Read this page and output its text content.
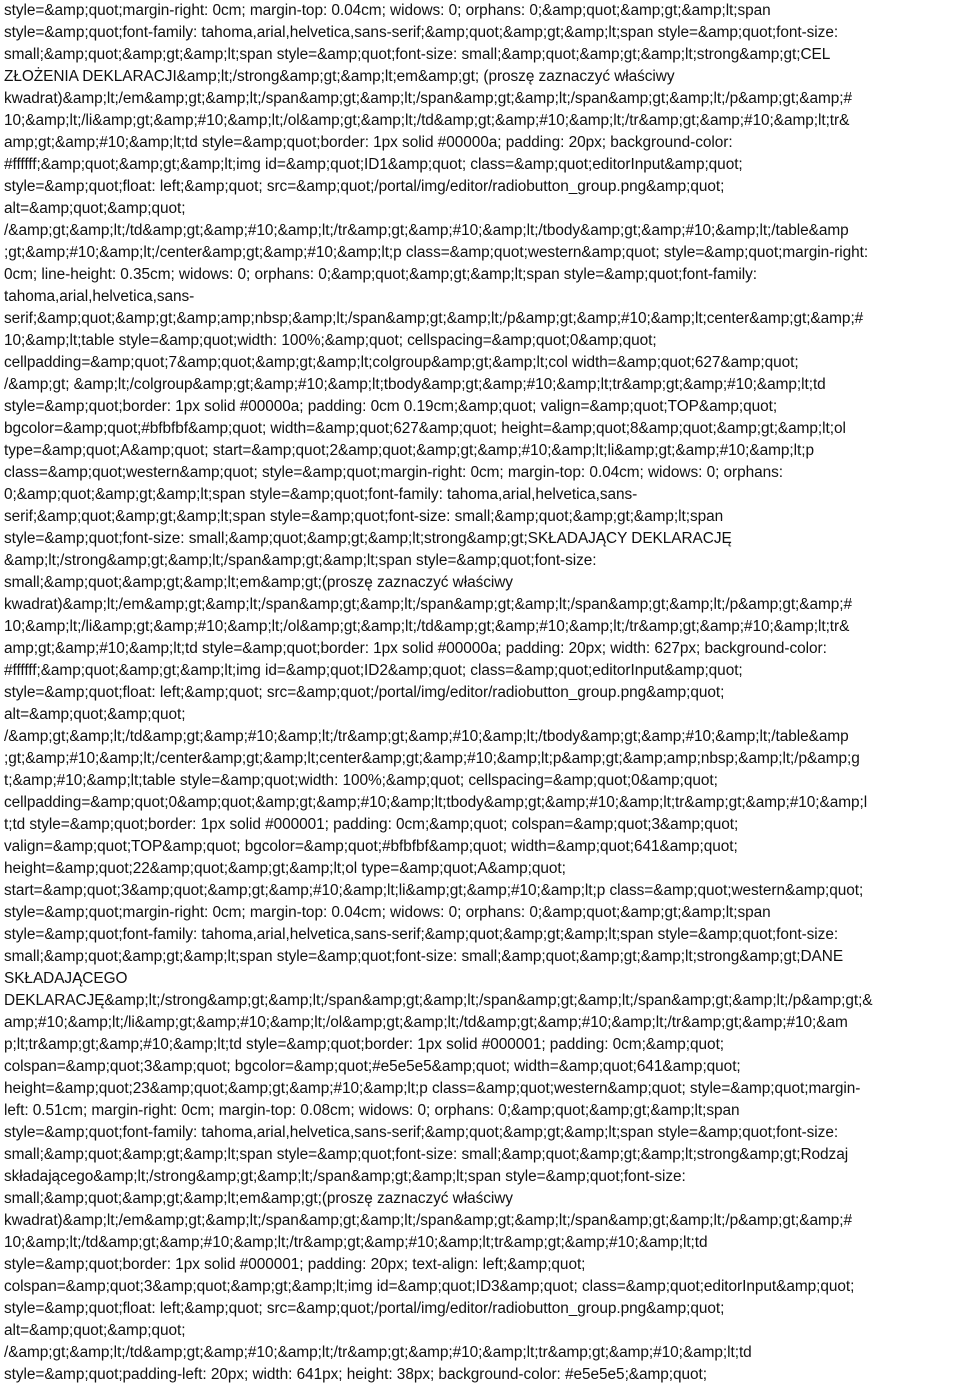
style=&amp;quot;margin-right: 0cm; margin-top: 0.04cm; widows: 0; orphans: 0;&amp;quot;&amp;gt;&amp;lt;span

style=&amp;quot;font-family: tahoma,arial,helvetica,sans-serif;&amp;quot;&amp;gt;&amp;lt;span style=&amp;quot;font-size:

small;&amp;quot;&amp;gt;&amp;lt;span style=&amp;quot;font-size: small;&amp;quot;&amp;gt;&amp;lt;strong&amp;gt;CEL

ZŁOŻENIA DEKLARACJI&amp;lt;/strong&amp;gt;&amp;lt;em&amp;gt; (proszę zaznaczyć właściwy

kwadrat)&amp;lt;/em&amp;gt;&amp;lt;/span&amp;gt;&amp;lt;/span&amp;gt;&amp;lt;/span&amp;gt;&amp;lt;/p&amp;gt;&amp;#

10;&amp;lt;/li&amp;gt;&amp;#10;&amp;lt;/ol&amp;gt;&amp;lt;/td&amp;gt;&amp;#10;&amp;lt;/tr&amp;gt;&amp;#10;&amp;lt;tr&

amp;gt;&amp;#10;&amp;lt;td style=&amp;quot;border: 1px solid #00000a; padding: 20px; background-color:

#ffffff;&amp;quot;&amp;gt;&amp;lt;img id=&amp;quot;ID1&amp;quot; class=&amp;quot;editorInput&amp;quot;

style=&amp;quot;float: left;&amp;quot; src=&amp;quot;/portal/img/editor/radiobutton_group.png&amp;quot;

alt=&amp;quot;&amp;quot;

/&amp;gt;&amp;lt;/td&amp;gt;&amp;#10;&amp;lt;/tr&amp;gt;&amp;#10;&amp;lt;/tbody&amp;gt;&amp;#10;&amp;lt;/table&amp

;gt;&amp;#10;&amp;lt;/center&amp;gt;&amp;#10;&amp;lt;p class=&amp;quot;western&amp;quot; style=&amp;quot;margin-right:

0cm; line-height: 0.35cm; widows: 0; orphans: 0;&amp;quot;&amp;gt;&amp;lt;span style=&amp;quot;font-family:

tahoma,arial,helvetica,sans-

serif;&amp;quot;&amp;gt;&amp;amp;nbsp;&amp;lt;/span&amp;gt;&amp;lt;/p&amp;gt;&amp;#10;&amp;lt;center&amp;gt;&amp;#

10;&amp;lt;table style=&amp;quot;width: 100%;&amp;quot; cellspacing=&amp;quot;0&amp;quot;

cellpadding=&amp;quot;7&amp;quot;&amp;gt;&amp;lt;colgroup&amp;gt;&amp;lt;col width=&amp;quot;627&amp;quot;

/&amp;gt; &amp;lt;/colgroup&amp;gt;&amp;#10;&amp;lt;tbody&amp;gt;&amp;#10;&amp;lt;tr&amp;gt;&amp;#10;&amp;lt;td

style=&amp;quot;border: 1px solid #00000a; padding: 0cm 0.19cm;&amp;quot; valign=&amp;quot;TOP&amp;quot;

bgcolor=&amp;quot;#bfbfbf&amp;quot; width=&amp;quot;627&amp;quot; height=&amp;quot;8&amp;quot;&amp;gt;&amp;lt;ol

type=&amp;quot;A&amp;quot; start=&amp;quot;2&amp;quot;&amp;gt;&amp;#10;&amp;lt;li&amp;gt;&amp;#10;&amp;lt;p

class=&amp;quot;western&amp;quot; style=&amp;quot;margin-right: 0cm; margin-top: 0.04cm; widows: 0; orphans:

0;&amp;quot;&amp;gt;&amp;lt;span style=&amp;quot;font-family: tahoma,arial,helvetica,sans-

serif;&amp;quot;&amp;gt;&amp;lt;span style=&amp;quot;font-size: small;&amp;quot;&amp;gt;&amp;lt;span

style=&amp;quot;font-size: small;&amp;quot;&amp;gt;&amp;lt;strong&amp;gt;SKŁADAJĄCY DEKLARACJĘ

&amp;lt;/strong&amp;gt;&amp;lt;/span&amp;gt;&amp;lt;span style=&amp;quot;font-size:

small;&amp;quot;&amp;gt;&amp;lt;em&amp;gt;(proszę zaznaczyć właściwy

kwadrat)&amp;lt;/em&amp;gt;&amp;lt;/span&amp;gt;&amp;lt;/span&amp;gt;&amp;lt;/span&amp;gt;&amp;lt;/p&amp;gt;&amp;#

10;&amp;lt;/li&amp;gt;&amp;#10;&amp;lt;/ol&amp;gt;&amp;lt;/td&amp;gt;&amp;#10;&amp;lt;/tr&amp;gt;&amp;#10;&amp;lt;tr&

amp;gt;&amp;#10;&amp;lt;td style=&amp;quot;border: 1px solid #00000a; padding: 20px; width: 627px; background-color:

#ffffff;&amp;quot;&amp;gt;&amp;lt;img id=&amp;quot;ID2&amp;quot; class=&amp;quot;editorInput&amp;quot;

style=&amp;quot;float: left;&amp;quot; src=&amp;quot;/portal/img/editor/radiobutton_group.png&amp;quot;

alt=&amp;quot;&amp;quot;

/&amp;gt;&amp;lt;/td&amp;gt;&amp;#10;&amp;lt;/tr&amp;gt;&amp;#10;&amp;lt;/tbody&amp;gt;&amp;#10;&amp;lt;/table&amp

;gt;&amp;#10;&amp;lt;/center&amp;gt;&amp;lt;center&amp;gt;&amp;#10;&amp;lt;p&amp;gt;&amp;amp;nbsp;&amp;lt;/p&amp;g

t;&amp;#10;&amp;lt;table style=&amp;quot;width: 100%;&amp;quot; cellspacing=&amp;quot;0&amp;quot;

cellpadding=&amp;quot;0&amp;quot;&amp;gt;&amp;#10;&amp;lt;tbody&amp;gt;&amp;#10;&amp;lt;tr&amp;gt;&amp;#10;&amp;l

t;td style=&amp;quot;border: 1px solid #000001; padding: 0cm;&amp;quot; colspan=&amp;quot;3&amp;quot;

valign=&amp;quot;TOP&amp;quot; bgcolor=&amp;quot;#bfbfbf&amp;quot; width=&amp;quot;641&amp;quot;

height=&amp;quot;22&amp;quot;&amp;gt;&amp;lt;ol type=&amp;quot;A&amp;quot;

start=&amp;quot;3&amp;quot;&amp;gt;&amp;#10;&amp;lt;li&amp;gt;&amp;#10;&amp;lt;p class=&amp;quot;western&amp;quot;

style=&amp;quot;margin-right: 0cm; margin-top: 0.04cm; widows: 0; orphans: 0;&amp;quot;&amp;gt;&amp;lt;span

style=&amp;quot;font-family: tahoma,arial,helvetica,sans-serif;&amp;quot;&amp;gt;&amp;lt;span style=&amp;quot;font-size:

small;&amp;quot;&amp;gt;&amp;lt;span style=&amp;quot;font-size: small;&amp;quot;&amp;gt;&amp;lt;strong&amp;gt;DANE

SKŁADAJĄCEGO

DEKLARACJĘ&amp;lt;/strong&amp;gt;&amp;lt;/span&amp;gt;&amp;lt;/span&amp;gt;&amp;lt;/span&amp;gt;&amp;lt;/p&amp;gt;&

amp;#10;&amp;lt;/li&amp;gt;&amp;#10;&amp;lt;/ol&amp;gt;&amp;lt;/td&amp;gt;&amp;#10;&amp;lt;/tr&amp;gt;&amp;#10;&am

p;lt;tr&amp;gt;&amp;#10;&amp;lt;td style=&amp;quot;border: 1px solid #000001; padding: 0cm;&amp;quot;

colspan=&amp;quot;3&amp;quot; bgcolor=&amp;quot;#e5e5e5&amp;quot; width=&amp;quot;641&amp;quot;

height=&amp;quot;23&amp;quot;&amp;gt;&amp;#10;&amp;lt;p class=&amp;quot;western&amp;quot; style=&amp;quot;margin-

left: 0.51cm; margin-right: 0cm; margin-top: 0.08cm; widows: 0; orphans: 0;&amp;quot;&amp;gt;&amp;lt;span

style=&amp;quot;font-family: tahoma,arial,helvetica,sans-serif;&amp;quot;&amp;gt;&amp;lt;span style=&amp;quot;font-size:

small;&amp;quot;&amp;gt;&amp;lt;span style=&amp;quot;font-size: small;&amp;quot;&amp;gt;&amp;lt;strong&amp;gt;Rodzaj

składającego&amp;lt;/strong&amp;gt;&amp;lt;/span&amp;gt;&amp;lt;span style=&amp;quot;font-size:

small;&amp;quot;&amp;gt;&amp;lt;em&amp;gt;(proszę zaznaczyć właściwy

kwadrat)&amp;lt;/em&amp;gt;&amp;lt;/span&amp;gt;&amp;lt;/span&amp;gt;&amp;lt;/span&amp;gt;&amp;lt;/p&amp;gt;&amp;#

10;&amp;lt;/td&amp;gt;&amp;#10;&amp;lt;/tr&amp;gt;&amp;#10;&amp;lt;tr&amp;gt;&amp;#10;&amp;lt;td

style=&amp;quot;border: 1px solid #000001; padding: 20px; text-align: left;&amp;quot;

colspan=&amp;quot;3&amp;quot;&amp;gt;&amp;lt;img id=&amp;quot;ID3&amp;quot; class=&amp;quot;editorInput&amp;quot;

style=&amp;quot;float: left;&amp;quot; src=&amp;quot;/portal/img/editor/radiobutton_group.png&amp;quot;

alt=&amp;quot;&amp;quot;

/&amp;gt;&amp;lt;/td&amp;gt;&amp;#10;&amp;lt;/tr&amp;gt;&amp;#10;&amp;lt;tr&amp;gt;&amp;#10;&amp;lt;td

style=&amp;quot;padding-left: 20px; width: 641px; height: 38px; background-color: #e5e5e5;&amp;quot;
